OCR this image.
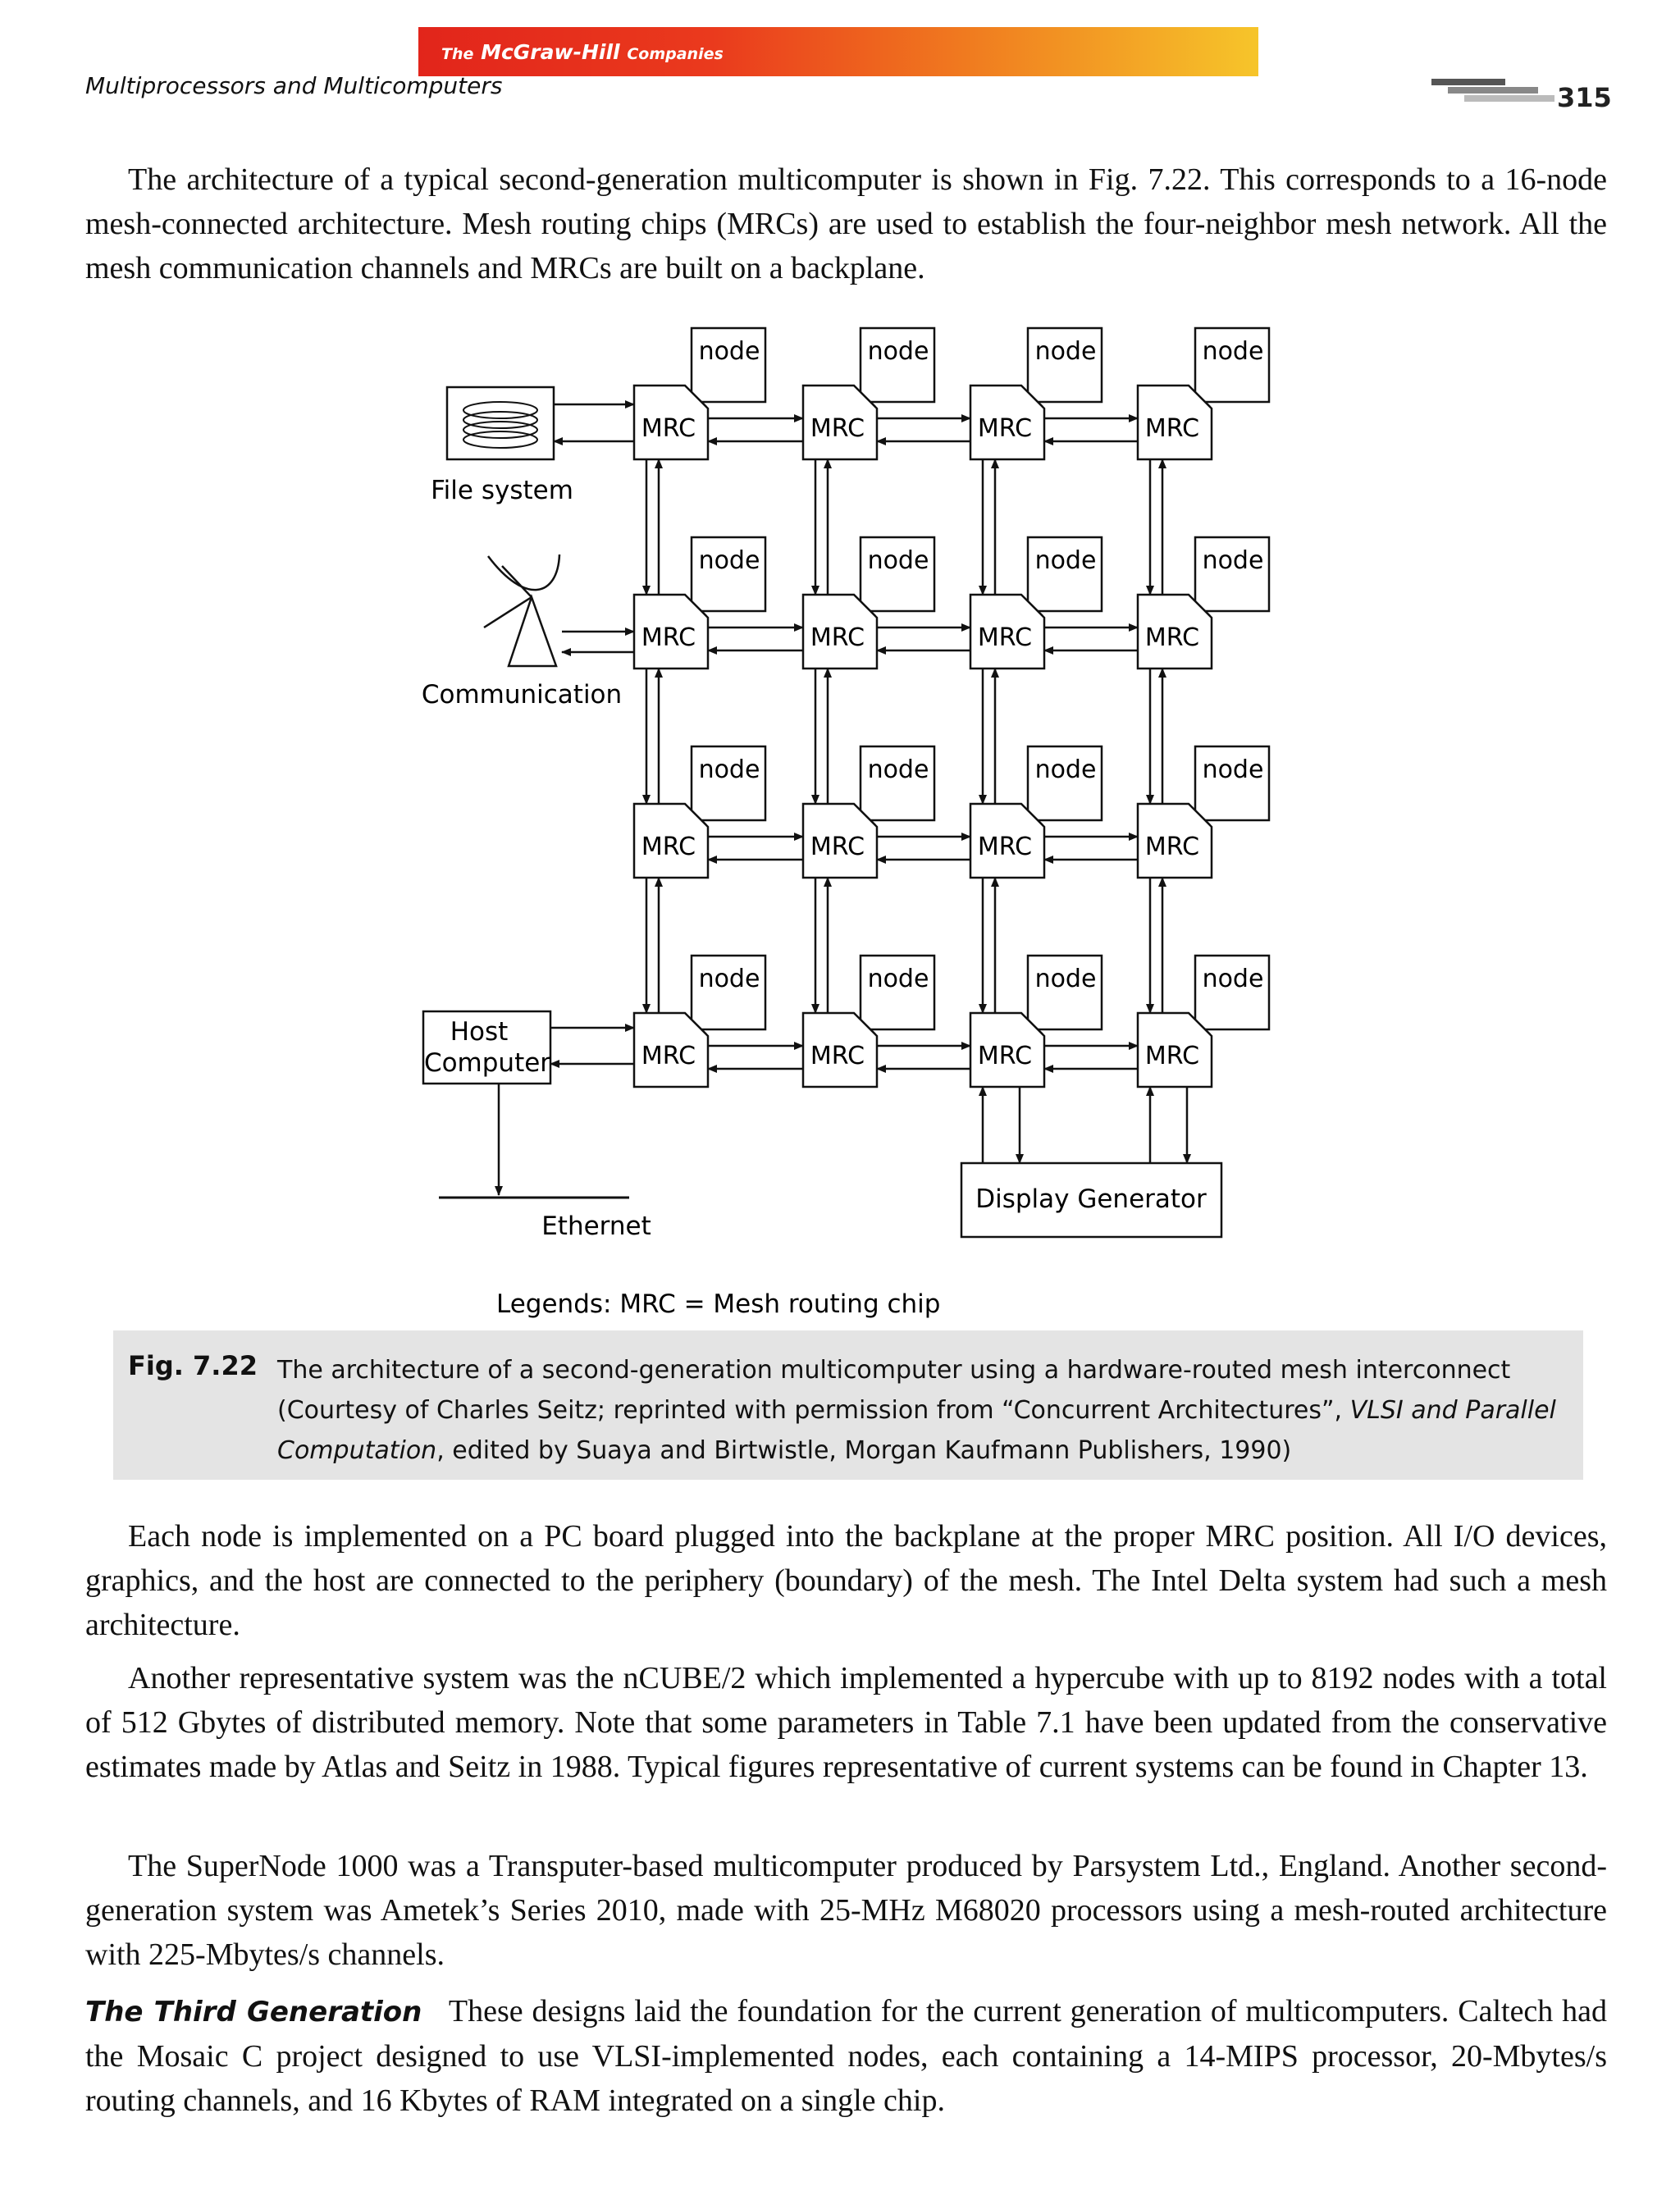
The McGraw-Hill Companies
Multiprocessors and Multicomputers	315

The architecture of a typical second-generation multicomputer is shown in Fig. 7.22. This corresponds to a 16-node mesh-connected architecture. Mesh routing chips (MRCs) are used to establish the four-neighbor mesh network. All the mesh communication channels and MRCs are built on a backplane.

node
MRC
node
MRC
node
MRC
node
MRC
node
MRC
node
MRC
node
MRC
node
MRC
node
MRC
node
MRC
node
MRC
node
MRC
node
MRC
node
MRC
node
MRC
node
MRC
File system
Communication
Host
Computer
Ethernet
Display Generator
Legends: MRC = Mesh routing chip
Fig. 7.22 The architecture of a second-generation multicomputer using a hardware-routed mesh interconnect (Courtesy of Charles Seitz; reprinted with permission from “Concurrent Architectures”, VLSI and Parallel Computation, edited by Suaya and Birtwistle, Morgan Kaufmann Publishers, 1990)

Each node is implemented on a PC board plugged into the backplane at the proper MRC position. All I/O devices, graphics, and the host are connected to the periphery (boundary) of the mesh. The Intel Delta system had such a mesh architecture.

Another representative system was the nCUBE/2 which implemented a hypercube with up to 8192 nodes with a total of 512 Gbytes of distributed memory. Note that some parameters in Table 7.1 have been updated from the conservative estimates made by Atlas and Seitz in 1988. Typical figures representative of current systems can be found in Chapter 13.

The SuperNode 1000 was a Transputer-based multicomputer produced by Parsystem Ltd., England. Another second-generation system was Ametek’s Series 2010, made with 25-MHz M68020 processors using a mesh-routed architecture with 225-Mbytes/s channels.

The Third Generation These designs laid the foundation for the current generation of multicomputers. Caltech had the Mosaic C project designed to use VLSI-implemented nodes, each containing a 14-MIPS processor, 20-Mbytes/s routing channels, and 16 Kbytes of RAM integrated on a single chip.
